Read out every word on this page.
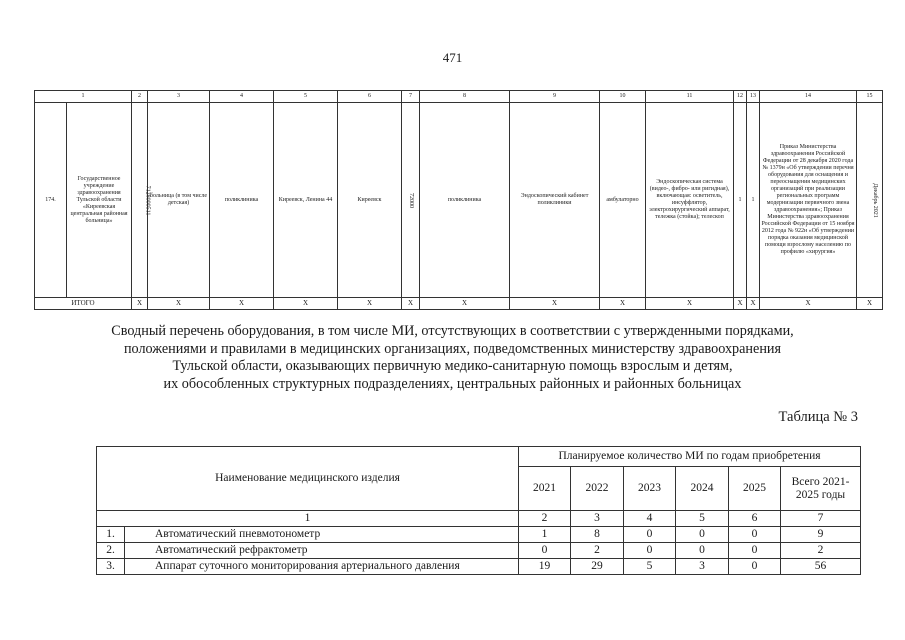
471
1		2	3	4	5	6	7	8	9	10	11	12	13	14	15
174.	Государственное учреждение здравоохранения Тульской области «Киреевская центральная районная больница»	7128000511	больница (в том числе детская)	поликлиника	Киреевск, Ленина 44	Киреевск	72000	поликлиника	Эндоскопический кабинет поликлиники	амбулаторно	Эндоскопическая система (видео-, фибро- или ригидная), включающая: осветитель, инсуффлятор, электрохирургический аппарат, тележка (стойка); телескоп	1	1	Приказ Министерства здравоохранения Российской Федерации от 28 декабря 2020 года № 1379н «Об утверждении перечня оборудования для оснащения и переоснащения медицинских организаций при реализации региональных программ модернизации первичного звена здравоохранения»; Приказ Министерства здравоохранения Российской Федерации от 15 ноября 2012 года № 922н «Об утверждении порядка оказания медицинской помощи взрослому населению по профилю «хирургия»	Декабрь 2021
ИТОГО		Х	Х	Х	Х	Х	Х	Х	Х	Х	Х	Х	Х	Х	Х
Сводный перечень оборудования, в том числе МИ, отсутствующих в соответствии с утвержденными порядками,
положениями и правилами в медицинских организациях, подведомственных министерству здравоохранения
Тульской области, оказывающих первичную медико-санитарную помощь взрослым и детям,
их обособленных структурных подразделениях, центральных районных и районных больницах
Таблица № 3
Наименование медицинского изделия		Планируемое количество МИ по годам приобретения					
		2021	2022	2023	2024	2025	Всего 2021-2025 годы
1		2	3	4	5	6	7
1.	Автоматический пневмотонометр	1	8	0	0	0	9
2.	Автоматический рефрактометр	0	2	0	0	0	2
3.	Аппарат суточного мониторирования артериального давления	19	29	5	3	0	56
